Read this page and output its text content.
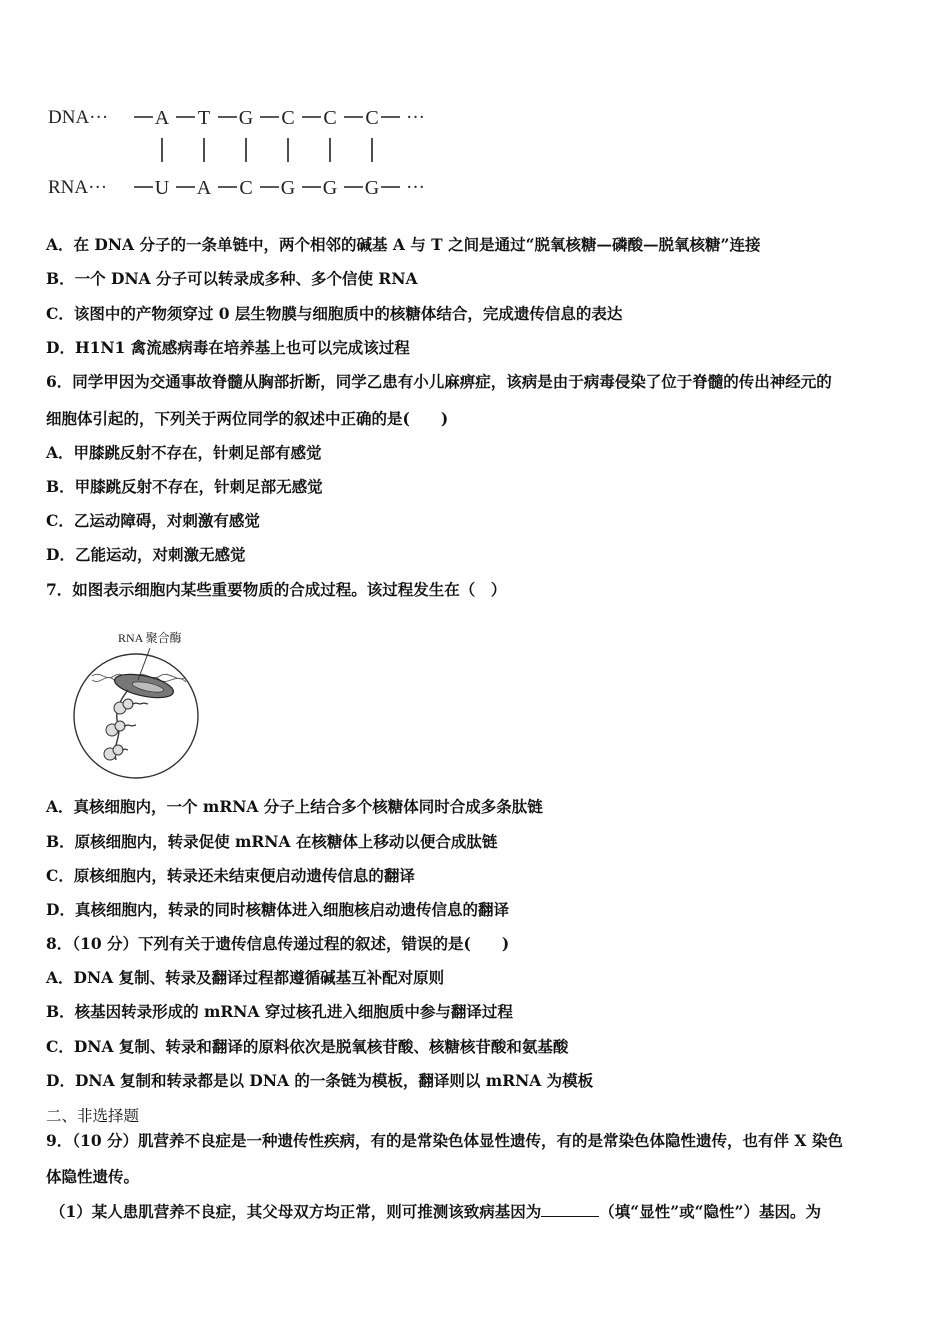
DNA···
RNA···
A
U
T
A
G
C
C
G
C
G
C
G
···
···
A．在 DNA 分子的一条单链中，两个相邻的碱基 A 与 T 之间是通过“脱氧核糖—磷酸—脱氧核糖”连接
B．一个 DNA 分子可以转录成多种、多个信使 RNA
C．该图中的产物须穿过 0 层生物膜与细胞质中的核糖体结合，完成遗传信息的表达
D．H1N1 禽流感病毒在培养基上也可以完成该过程
6．同学甲因为交通事故脊髓从胸部折断，同学乙患有小儿麻痹症，该病是由于病毒侵染了位于脊髓的传出神经元的
细胞体引起的，下列关于两位同学的叙述中正确的是(　　)
A．甲膝跳反射不存在，针刺足部有感觉
B．甲膝跳反射不存在，针刺足部无感觉
C．乙运动障碍，对刺激有感觉
D．乙能运动，对刺激无感觉
7．如图表示细胞内某些重要物质的合成过程。该过程发生在（　）
RNA 聚合酶
A．真核细胞内，一个 mRNA 分子上结合多个核糖体同时合成多条肽链
B．原核细胞内，转录促使 mRNA 在核糖体上移动以便合成肽链
C．原核细胞内，转录还未结束便启动遗传信息的翻译
D．真核细胞内，转录的同时核糖体进入细胞核启动遗传信息的翻译
8．（10 分）下列有关于遗传信息传递过程的叙述，错误的是(　　)
A．DNA 复制、转录及翻译过程都遵循碱基互补配对原则
B．核基因转录形成的 mRNA 穿过核孔进入细胞质中参与翻译过程
C．DNA 复制、转录和翻译的原料依次是脱氧核苷酸、核糖核苷酸和氨基酸
D．DNA 复制和转录都是以 DNA 的一条链为模板，翻译则以 mRNA 为模板
二、非选择题
9．（10 分）肌营养不良症是一种遗传性疾病，有的是常染色体显性遗传，有的是常染色体隐性遗传，也有伴 X 染色
体隐性遗传。
（1）某人患肌营养不良症，其父母双方均正常，则可推测该致病基因为	（填“显性”或“隐性”）基因。为
